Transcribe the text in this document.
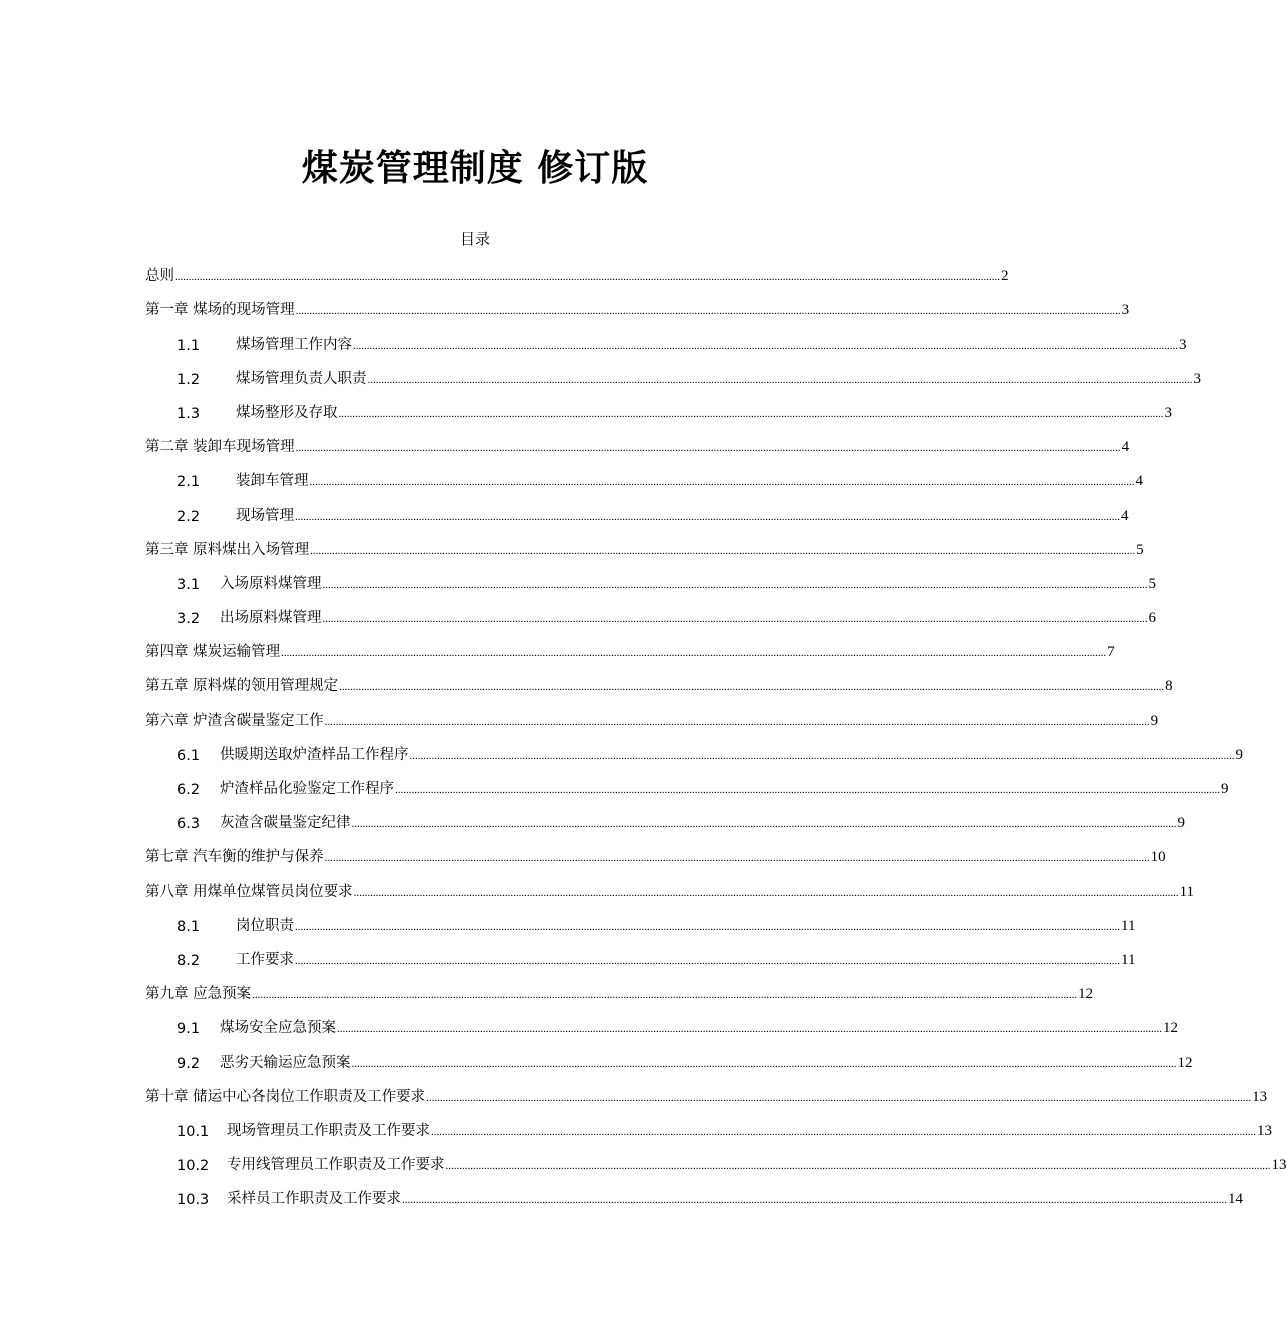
煤炭管理制度 修订版
目录
总则 ............................................................................................................................................................................................................................................................................................................ 2
第一章 煤场的现场管理 ............................................................................................................................................................................................................................................................................................................ 3
1.1	煤场管理工作内容 ............................................................................................................................................................................................................................................................................................................ 3
1.2	煤场管理负责人职责 ............................................................................................................................................................................................................................................................................................................ 3
1.3	煤场整形及存取 ............................................................................................................................................................................................................................................................................................................ 3
第二章 装卸车现场管理 ............................................................................................................................................................................................................................................................................................................ 4
2.1	装卸车管理 ............................................................................................................................................................................................................................................................................................................ 4
2.2	现场管理 ............................................................................................................................................................................................................................................................................................................ 4
第三章 原料煤出入场管理 ............................................................................................................................................................................................................................................................................................................ 5
3.1	入场原料煤管理 ............................................................................................................................................................................................................................................................................................................ 5
3.2	出场原料煤管理 ............................................................................................................................................................................................................................................................................................................ 6
第四章 煤炭运输管理 ............................................................................................................................................................................................................................................................................................................ 7
第五章 原料煤的领用管理规定 ............................................................................................................................................................................................................................................................................................................ 8
第六章 炉渣含碳量鉴定工作 ............................................................................................................................................................................................................................................................................................................ 9
6.1	供暖期送取炉渣样品工作程序 ............................................................................................................................................................................................................................................................................................................ 9
6.2	炉渣样品化验鉴定工作程序 ............................................................................................................................................................................................................................................................................................................ 9
6.3	灰渣含碳量鉴定纪律 ............................................................................................................................................................................................................................................................................................................ 9
第七章 汽车衡的维护与保养 ............................................................................................................................................................................................................................................................................................................ 10
第八章 用煤单位煤管员岗位要求 ............................................................................................................................................................................................................................................................................................................ 11
8.1	岗位职责 ............................................................................................................................................................................................................................................................................................................ 11
8.2	工作要求 ............................................................................................................................................................................................................................................................................................................ 11
第九章 应急预案 ............................................................................................................................................................................................................................................................................................................ 12
9.1	煤场安全应急预案 ............................................................................................................................................................................................................................................................................................................ 12
9.2	恶劣天输运应急预案 ............................................................................................................................................................................................................................................................................................................ 12
第十章 储运中心各岗位工作职责及工作要求 ............................................................................................................................................................................................................................................................................................................ 13
10.1	现场管理员工作职责及工作要求 ............................................................................................................................................................................................................................................................................................................ 13
10.2	专用线管理员工作职责及工作要求 ............................................................................................................................................................................................................................................................................................................ 13
10.3	采样员工作职责及工作要求 ............................................................................................................................................................................................................................................................................................................ 14
